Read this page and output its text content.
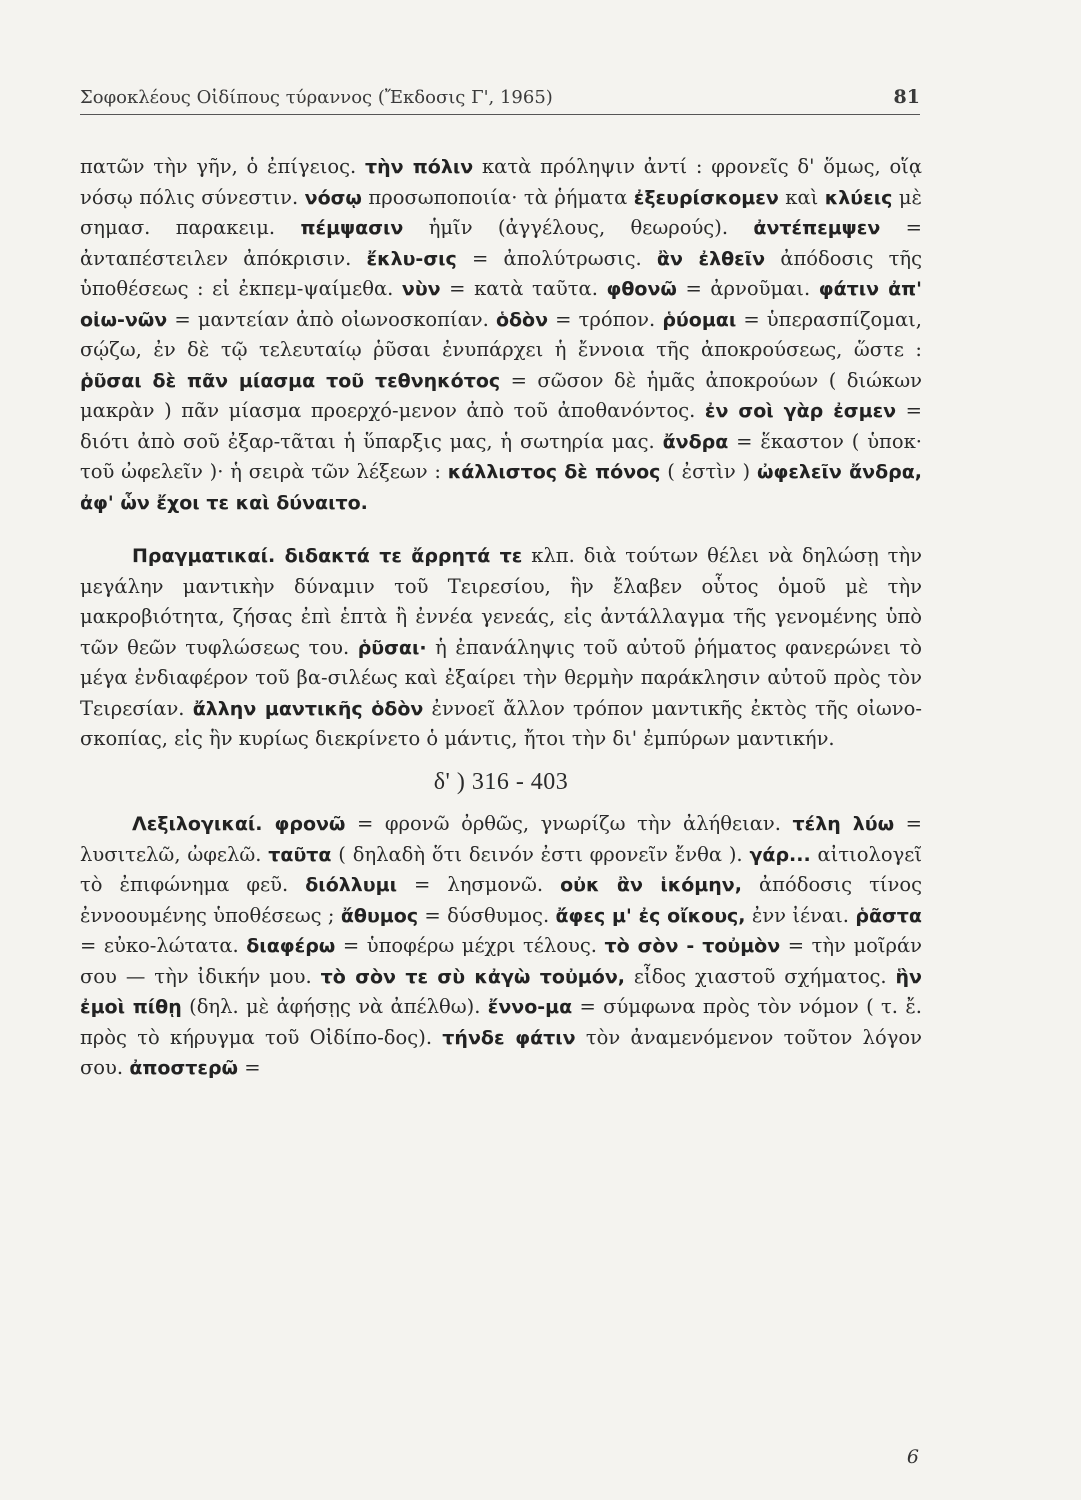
Σοφοκλέους Οἰδίπους τύραννος (Ἔκδοσις Γ', 1965)	81

πατῶν τὴν γῆν, ὁ ἐπίγειος. τὴν πόλιν κατὰ πρόληψιν ἀντί : φρονεῖς δ' ὅμως, οἵᾳ νόσῳ πόλις σύνεστιν. νόσῳ προσωποποιία· τὰ ῥήματα ἐξευρίσκομεν καὶ κλύεις μὲ σημασ. παρακειμ. πέμψασιν ἡμῖν (ἀγγέλους, θεωρούς). ἀντέπεμψεν = ἀνταπέστειλεν ἀπόκρισιν. ἔκλυ-σις = ἀπολύτρωσις. ἂν ἐλθεῖν ἀπόδοσις τῆς ὑποθέσεως : εἰ ἐκπεμ-ψαίμεθα. νὺν = κατὰ ταῦτα. φθονῶ = ἀρνοῦμαι. φάτιν ἀπ' οἰω-νῶν = μαντείαν ἀπὸ οἰωνοσκοπίαν. ὁδὸν = τρόπον. ῥύομαι = ὑπερασπίζομαι, σῴζω, ἐν δὲ τῷ τελευταίῳ ῥῦσαι ἐνυπάρχει ἡ ἔννοια τῆς ἀποκρούσεως, ὥστε : ῥῦσαι δὲ πᾶν μίασμα τοῦ τεθνηκότος = σῶσον δὲ ἡμᾶς ἀποκρούων ( διώκων μακρὰν ) πᾶν μίασμα προερχό-μενον ἀπὸ τοῦ ἀποθανόντος. ἐν σοὶ γὰρ ἐσμεν = διότι ἀπὸ σοῦ ἐξαρ-τᾶται ἡ ὕπαρξις μας, ἡ σωτηρία μας. ἄνδρα = ἕκαστον ( ὑποκ· τοῦ ὠφελεῖν )· ἡ σειρὰ τῶν λέξεων : κάλλιστος δὲ πόνος ( ἐστὶν ) ὠφελεῖν ἄνδρα, ἀφ' ὧν ἔχοι τε καὶ δύναιτο.

Πραγματικαί. διδακτά τε ἄρρητά τε κλπ. διὰ τούτων θέλει νὰ δηλώσῃ τὴν μεγάλην μαντικὴν δύναμιν τοῦ Τειρεσίου, ἣν ἔλαβεν οὗτος ὁμοῦ μὲ τὴν μακροβιότητα, ζήσας ἐπὶ ἑπτὰ ἢ ἐννέα γενεάς, εἰς ἀντάλλαγμα τῆς γενομένης ὑπὸ τῶν θεῶν τυφλώσεως του. ῥῦσαι· ἡ ἐπανάληψις τοῦ αὐτοῦ ῥήματος φανερώνει τὸ μέγα ἐνδιαφέρον τοῦ βα-σιλέως καὶ ἐξαίρει τὴν θερμὴν παράκλησιν αὐτοῦ πρὸς τὸν Τειρεσίαν. ἄλλην μαντικῆς ὁδὸν ἐννοεῖ ἄλλον τρόπον μαντικῆς ἐκτὸς τῆς οἰωνο-σκοπίας, εἰς ἣν κυρίως διεκρίνετο ὁ μάντις, ἤτοι τὴν δι' ἐμπύρων μαντικήν.

δ' ) 316 - 403

Λεξιλογικαί. φρονῶ = φρονῶ ὀρθῶς, γνωρίζω τὴν ἀλήθειαν. τέλη λύω = λυσιτελῶ, ὠφελῶ. ταῦτα ( δηλαδὴ ὅτι δεινόν ἐστι φρονεῖν ἔνθα ). γάρ... αἰτιολογεῖ τὸ ἐπιφώνημα φεῦ. διόλλυμι = λησμονῶ. οὐκ ἂν ἱκόμην, ἀπόδοσις τίνος ἐννοουμένης ὑποθέσεως ; ἄθυμος = δύσθυμος. ἄφες μ' ἐς οἴκους, ἐνν ἰέναι. ῥᾶστα = εὐκο-λώτατα. διαφέρω = ὑποφέρω μέχρι τέλους. τὸ σὸν - τοὐμὸν = τὴν μοῖράν σου — τὴν ἰδικήν μου. τὸ σὸν τε σὺ κἀγὼ τοὐμόν, εἶδος χιαστοῦ σχήματος. ἣν ἐμοὶ πίθῃ (δηλ. μὲ ἀφήσῃς νὰ ἀπέλθω). ἔννο-μα = σύμφωνα πρὸς τὸν νόμον ( τ. ἔ. πρὸς τὸ κήρυγμα τοῦ Οἰδίπο-δος). τήνδε φάτιν τὸν ἀναμενόμενον τοῦτον λόγον σου. ἀποστερῶ =

6
